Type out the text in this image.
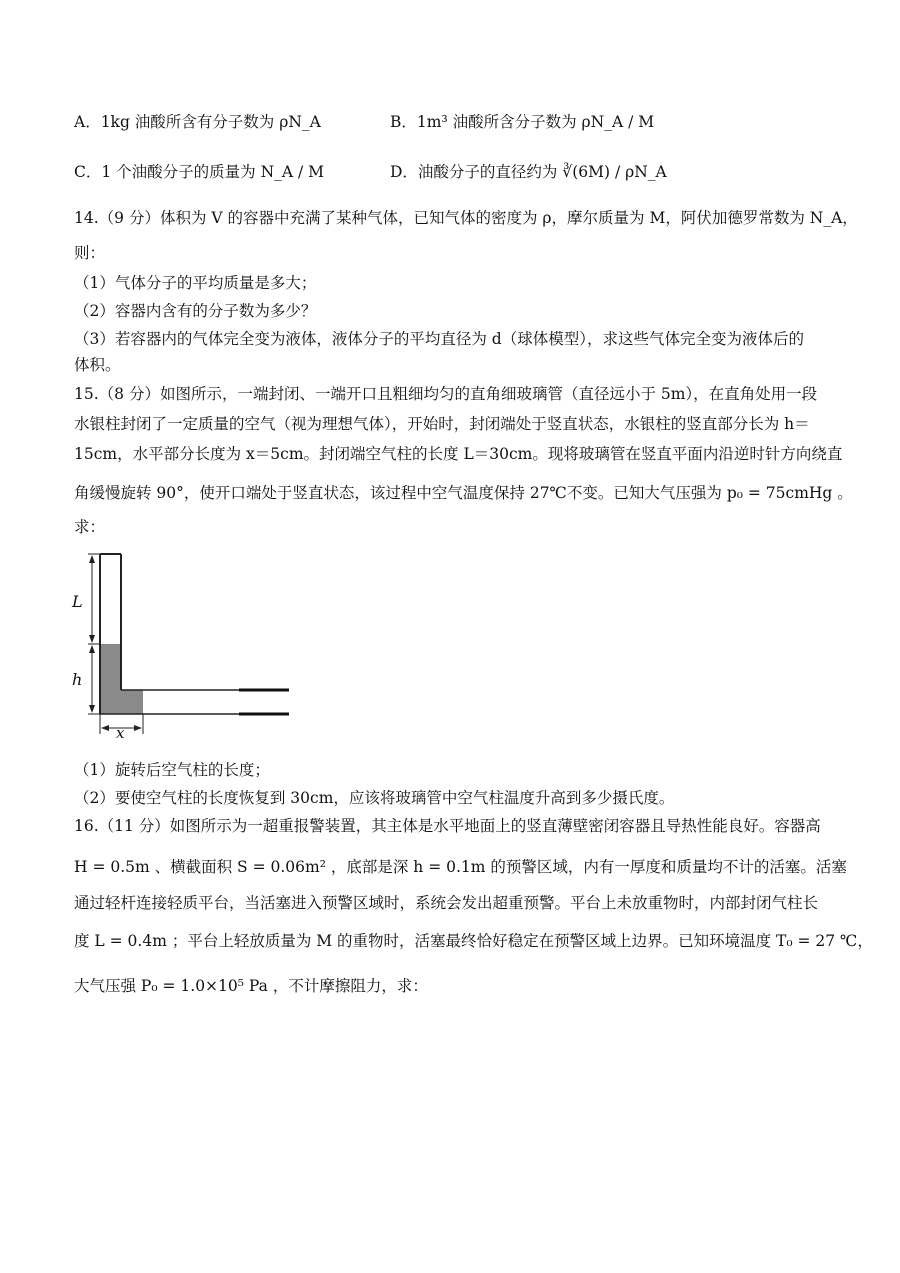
A．1kg 油酸所含有分子数为 ρN_A	B．1m³ 油酸所含分子数为 ρN_A / M
C．1 个油酸分子的质量为 N_A / M	D．油酸分子的直径约为 ∛(6M) / ρN_A
14.（9 分）体积为 V 的容器中充满了某种气体，已知气体的密度为 ρ，摩尔质量为 M，阿伏加德罗常数为 N_A，
则：
（1）气体分子的平均质量是多大；
（2）容器内含有的分子数为多少？
（3）若容器内的气体完全变为液体，液体分子的平均直径为 d（球体模型），求这些气体完全变为液体后的
体积。
15.（8 分）如图所示，一端封闭、一端开口且粗细均匀的直角细玻璃管（直径远小于 5m），在直角处用一段
水银柱封闭了一定质量的空气（视为理想气体），开始时，封闭端处于竖直状态，水银柱的竖直部分长为 h＝
15cm，水平部分长度为 x＝5cm。封闭端空气柱的长度 L＝30cm。现将玻璃管在竖直平面内沿逆时针方向绕直
角缓慢旋转 90°，使开口端处于竖直状态，该过程中空气温度保持 27℃不变。已知大气压强为 p₀ = 75cmHg 。
求：
L
h
x
（1）旋转后空气柱的长度；
（2）要使空气柱的长度恢复到 30cm，应该将玻璃管中空气柱温度升高到多少摄氏度。
16.（11 分）如图所示为一超重报警装置，其主体是水平地面上的竖直薄壁密闭容器且导热性能良好。容器高
H = 0.5m 、横截面积 S = 0.06m² ，底部是深 h = 0.1m 的预警区域，内有一厚度和质量均不计的活塞。活塞
通过轻杆连接轻质平台，当活塞进入预警区域时，系统会发出超重预警。平台上未放重物时，内部封闭气柱长
度 L = 0.4m ；平台上轻放质量为 M 的重物时，活塞最终恰好稳定在预警区域上边界。已知环境温度 T₀ = 27 ℃，
大气压强 P₀ = 1.0×10⁵ Pa ，不计摩擦阻力，求：
